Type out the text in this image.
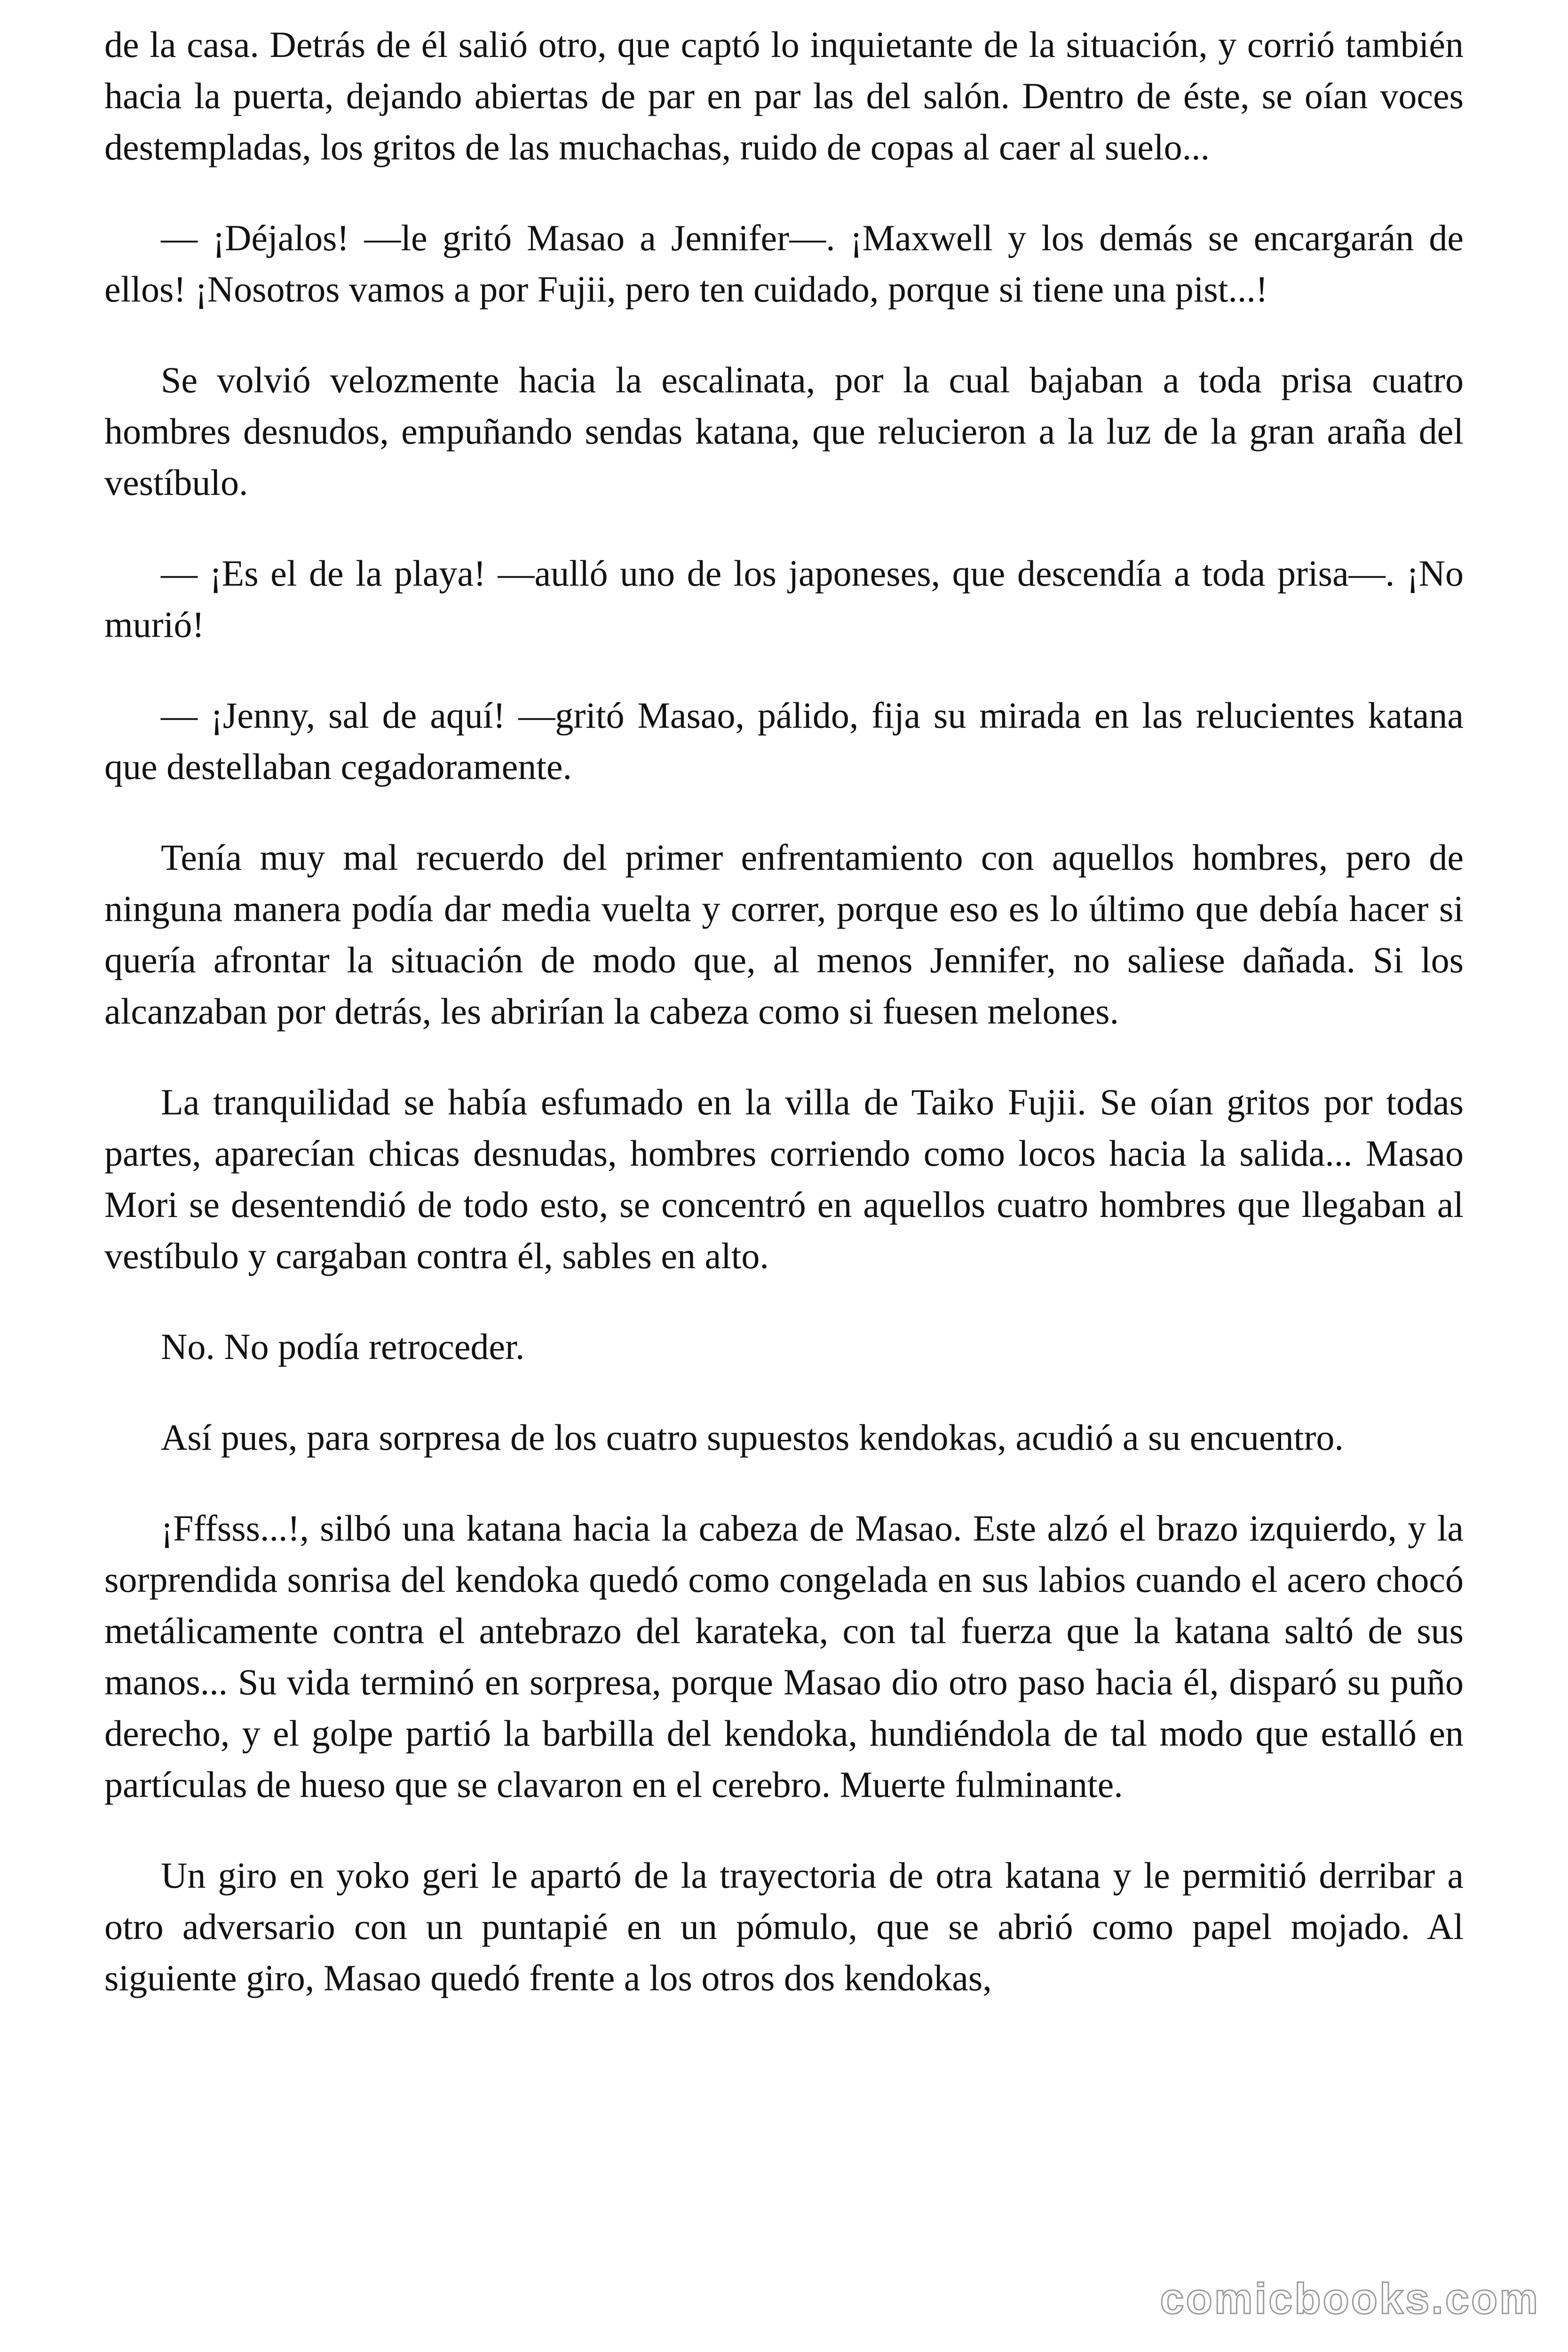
de la casa. Detrás de él salió otro, que captó lo inquietante de la situación, y corrió también hacia la puerta, dejando abiertas de par en par las del salón. Dentro de éste, se oían voces destempladas, los gritos de las muchachas, ruido de copas al caer al suelo...

— ¡Déjalos! —le gritó Masao a Jennifer—. ¡Maxwell y los demás se encargarán de ellos! ¡Nosotros vamos a por Fujii, pero ten cuidado, porque si tiene una pist...!

Se volvió velozmente hacia la escalinata, por la cual bajaban a toda prisa cuatro hombres desnudos, empuñando sendas katana, que relucieron a la luz de la gran araña del vestíbulo.

— ¡Es el de la playa! —aulló uno de los japoneses, que descendía a toda prisa—. ¡No murió!

— ¡Jenny, sal de aquí! —gritó Masao, pálido, fija su mirada en las relucientes katana que destellaban cegadoramente.

Tenía muy mal recuerdo del primer enfrentamiento con aquellos hombres, pero de ninguna manera podía dar media vuelta y correr, porque eso es lo último que debía hacer si quería afrontar la situación de modo que, al menos Jennifer, no saliese dañada. Si los alcanzaban por detrás, les abrirían la cabeza como si fuesen melones.

La tranquilidad se había esfumado en la villa de Taiko Fujii. Se oían gritos por todas partes, aparecían chicas desnudas, hombres corriendo como locos hacia la salida... Masao Mori se desentendió de todo esto, se concentró en aquellos cuatro hombres que llegaban al vestíbulo y cargaban contra él, sables en alto.

No. No podía retroceder.

Así pues, para sorpresa de los cuatro supuestos kendokas, acudió a su encuentro.

¡Fffsss...!, silbó una katana hacia la cabeza de Masao. Este alzó el brazo izquierdo, y la sorprendida sonrisa del kendoka quedó como congelada en sus labios cuando el acero chocó metálicamente contra el antebrazo del karateka, con tal fuerza que la katana saltó de sus manos... Su vida terminó en sorpresa, porque Masao dio otro paso hacia él, disparó su puño derecho, y el golpe partió la barbilla del kendoka, hundiéndola de tal modo que estalló en partículas de hueso que se clavaron en el cerebro. Muerte fulminante.

Un giro en yoko geri le apartó de la trayectoria de otra katana y le permitió derribar a otro adversario con un puntapié en un pómulo, que se abrió como papel mojado. Al siguiente giro, Masao quedó frente a los otros dos kendokas,

comicbooks.com
